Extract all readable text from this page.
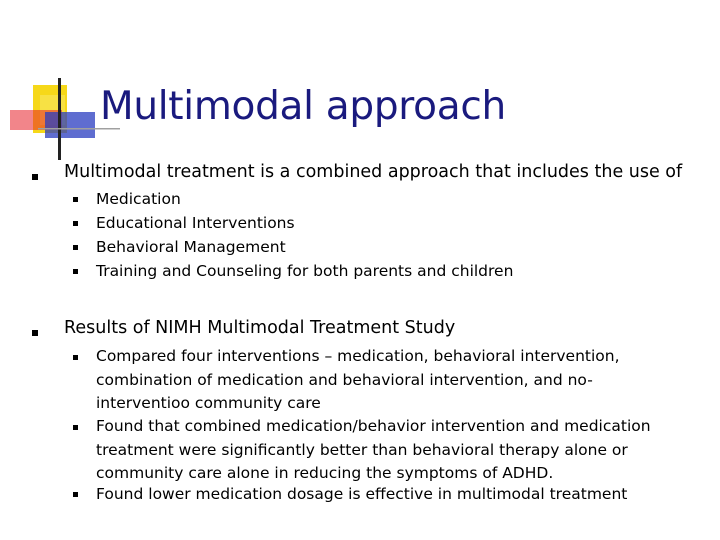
Multimodal approach
Multimodal treatment is a combined approach that includes the use of
Medication
Educational Interventions
Behavioral Management
Training and Counseling for both parents and children
Results of NIMH Multimodal Treatment Study
Compared four interventions – medication, behavioral intervention, combination of medication and behavioral intervention, and no-interventioo community care
Found that combined medication/behavior intervention and medication treatment were significantly better than behavioral therapy alone or community care alone in reducing the symptoms of ADHD.
Found lower medication dosage is effective in multimodal treatment
